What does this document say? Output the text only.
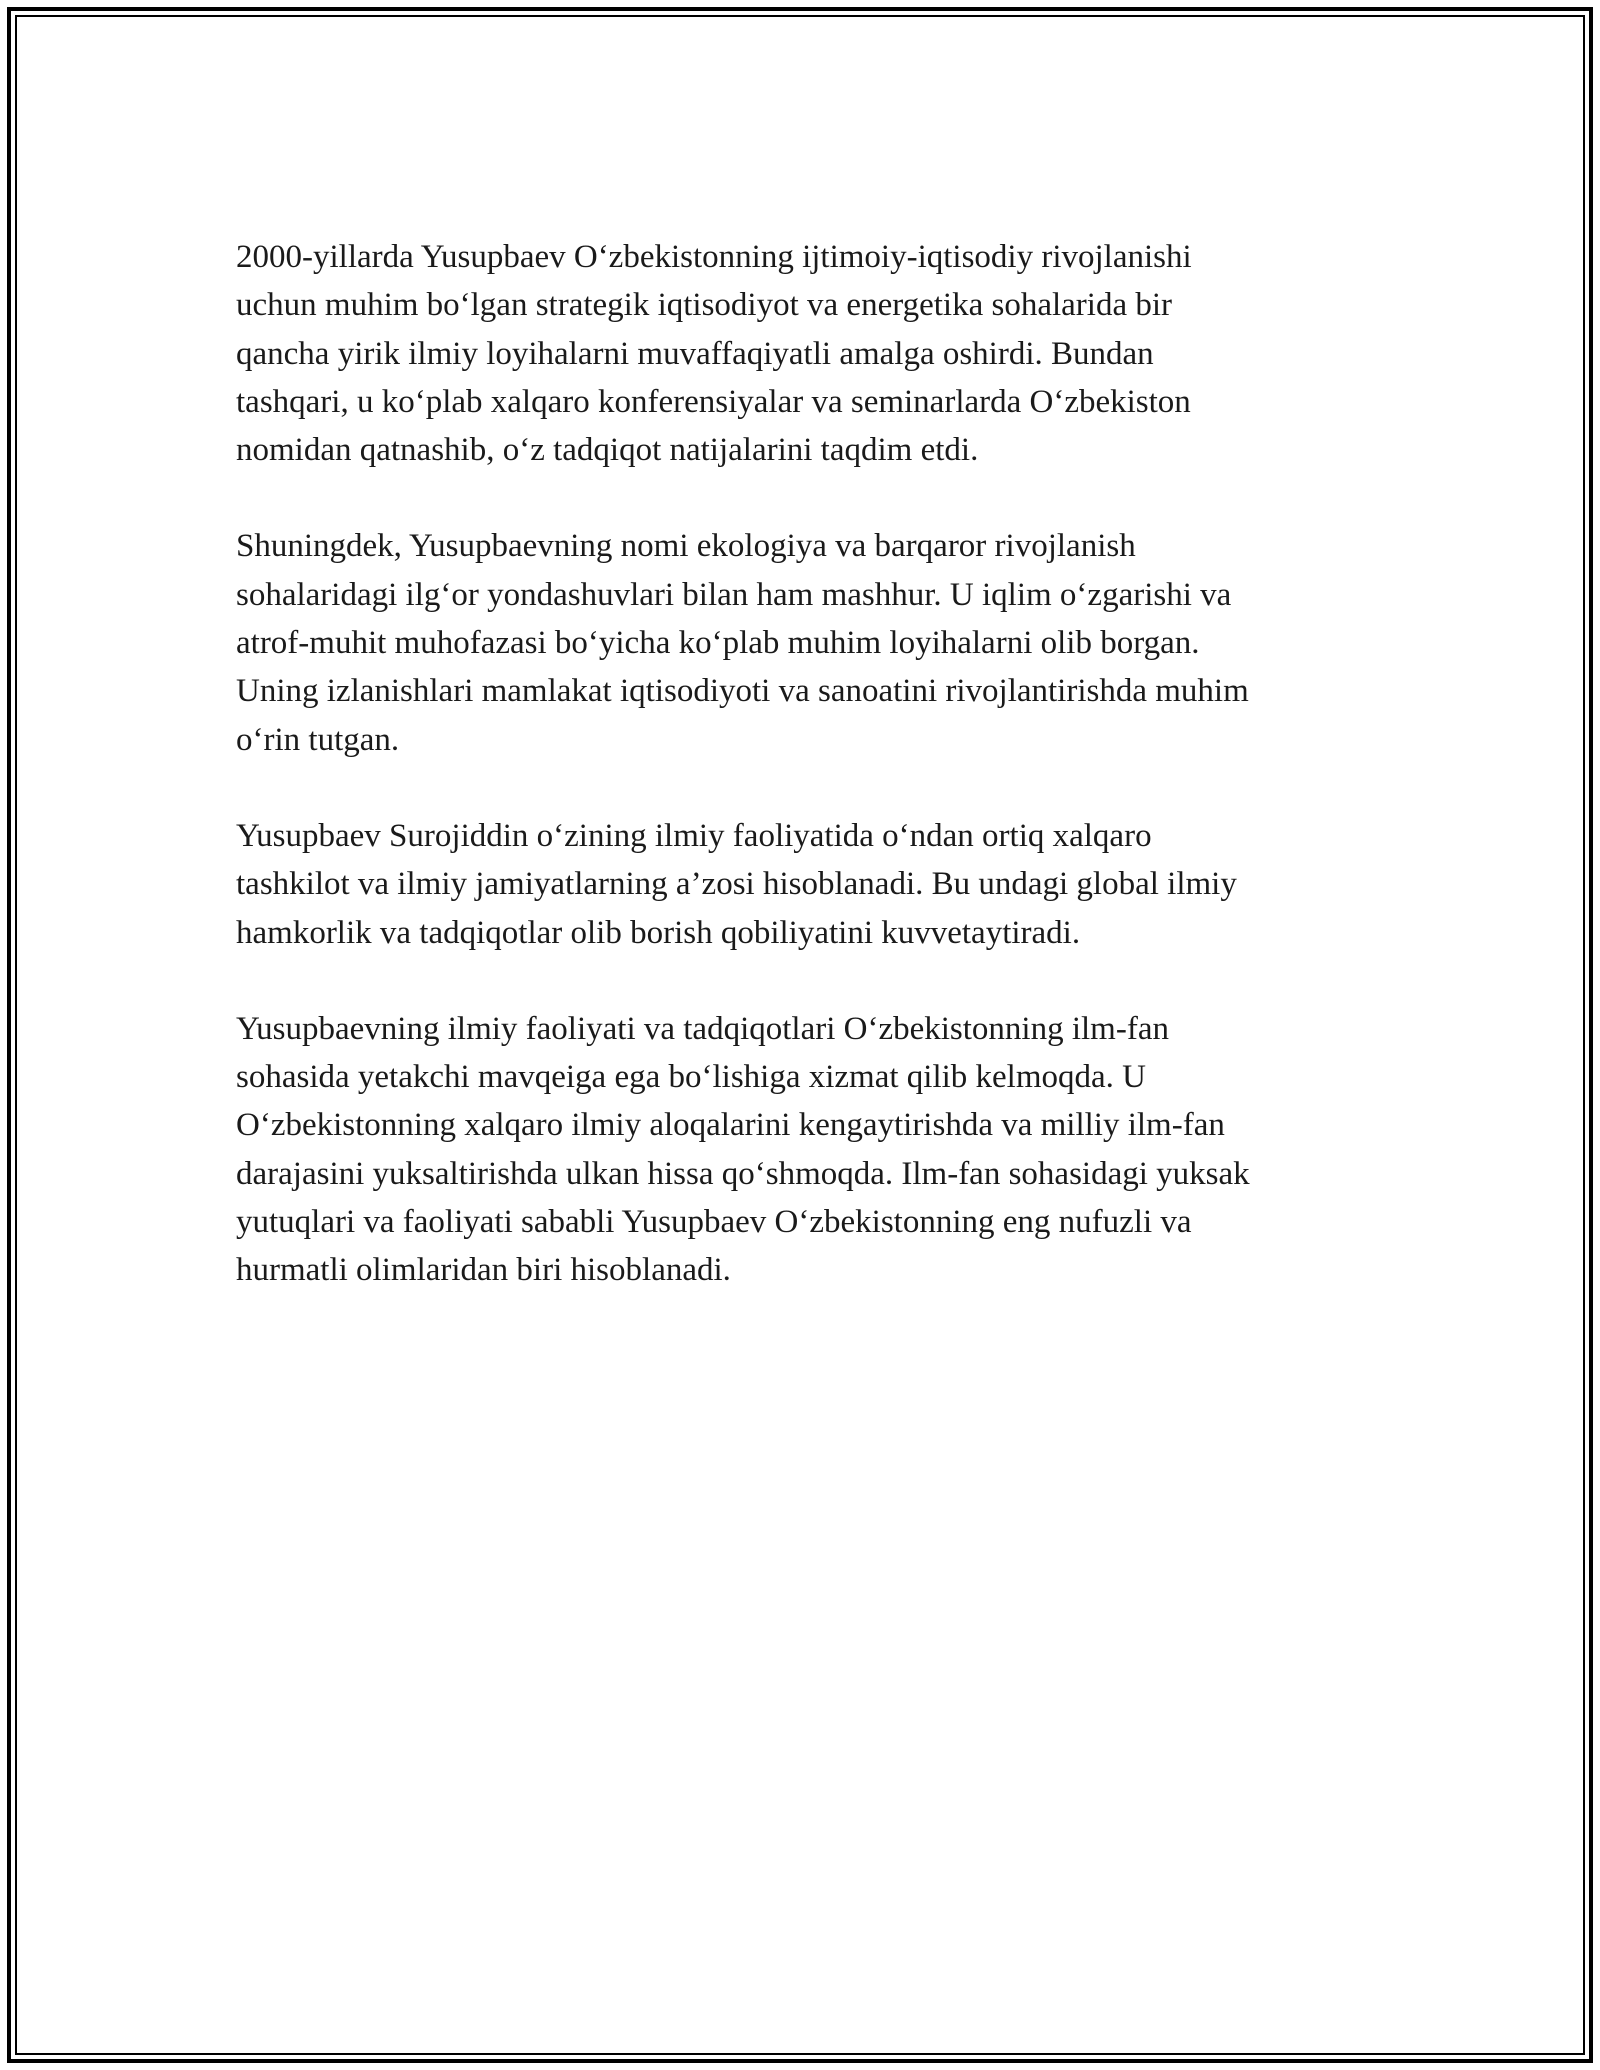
2000-yillarda Yusupbaev O‘zbekistonning ijtimoiy-iqtisodiy rivojlanishi
uchun muhim bo‘lgan strategik iqtisodiyot va energetika sohalarida bir
qancha yirik ilmiy loyihalarni muvaffaqiyatli amalga oshirdi. Bundan
tashqari, u ko‘plab xalqaro konferensiyalar va seminarlarda O‘zbekiston
nomidan qatnashib, o‘z tadqiqot natijalarini taqdim etdi.

Shuningdek, Yusupbaevning nomi ekologiya va barqaror rivojlanish
sohalaridagi ilg‘or yondashuvlari bilan ham mashhur. U iqlim o‘zgarishi va
atrof-muhit muhofazasi bo‘yicha ko‘plab muhim loyihalarni olib borgan.
Uning izlanishlari mamlakat iqtisodiyoti va sanoatini rivojlantirishda muhim
o‘rin tutgan.

Yusupbaev Surojiddin o‘zining ilmiy faoliyatida o‘ndan ortiq xalqaro
tashkilot va ilmiy jamiyatlarning a’zosi hisoblanadi. Bu undagi global ilmiy
hamkorlik va tadqiqotlar olib borish qobiliyatini kuvvetaytiradi.

Yusupbaevning ilmiy faoliyati va tadqiqotlari O‘zbekistonning ilm-fan
sohasida yetakchi mavqeiga ega bo‘lishiga xizmat qilib kelmoqda. U
O‘zbekistonning xalqaro ilmiy aloqalarini kengaytirishda va milliy ilm-fan
darajasini yuksaltirishda ulkan hissa qo‘shmoqda. Ilm-fan sohasidagi yuksak
yutuqlari va faoliyati sababli Yusupbaev O‘zbekistonning eng nufuzli va
hurmatli olimlaridan biri hisoblanadi.
